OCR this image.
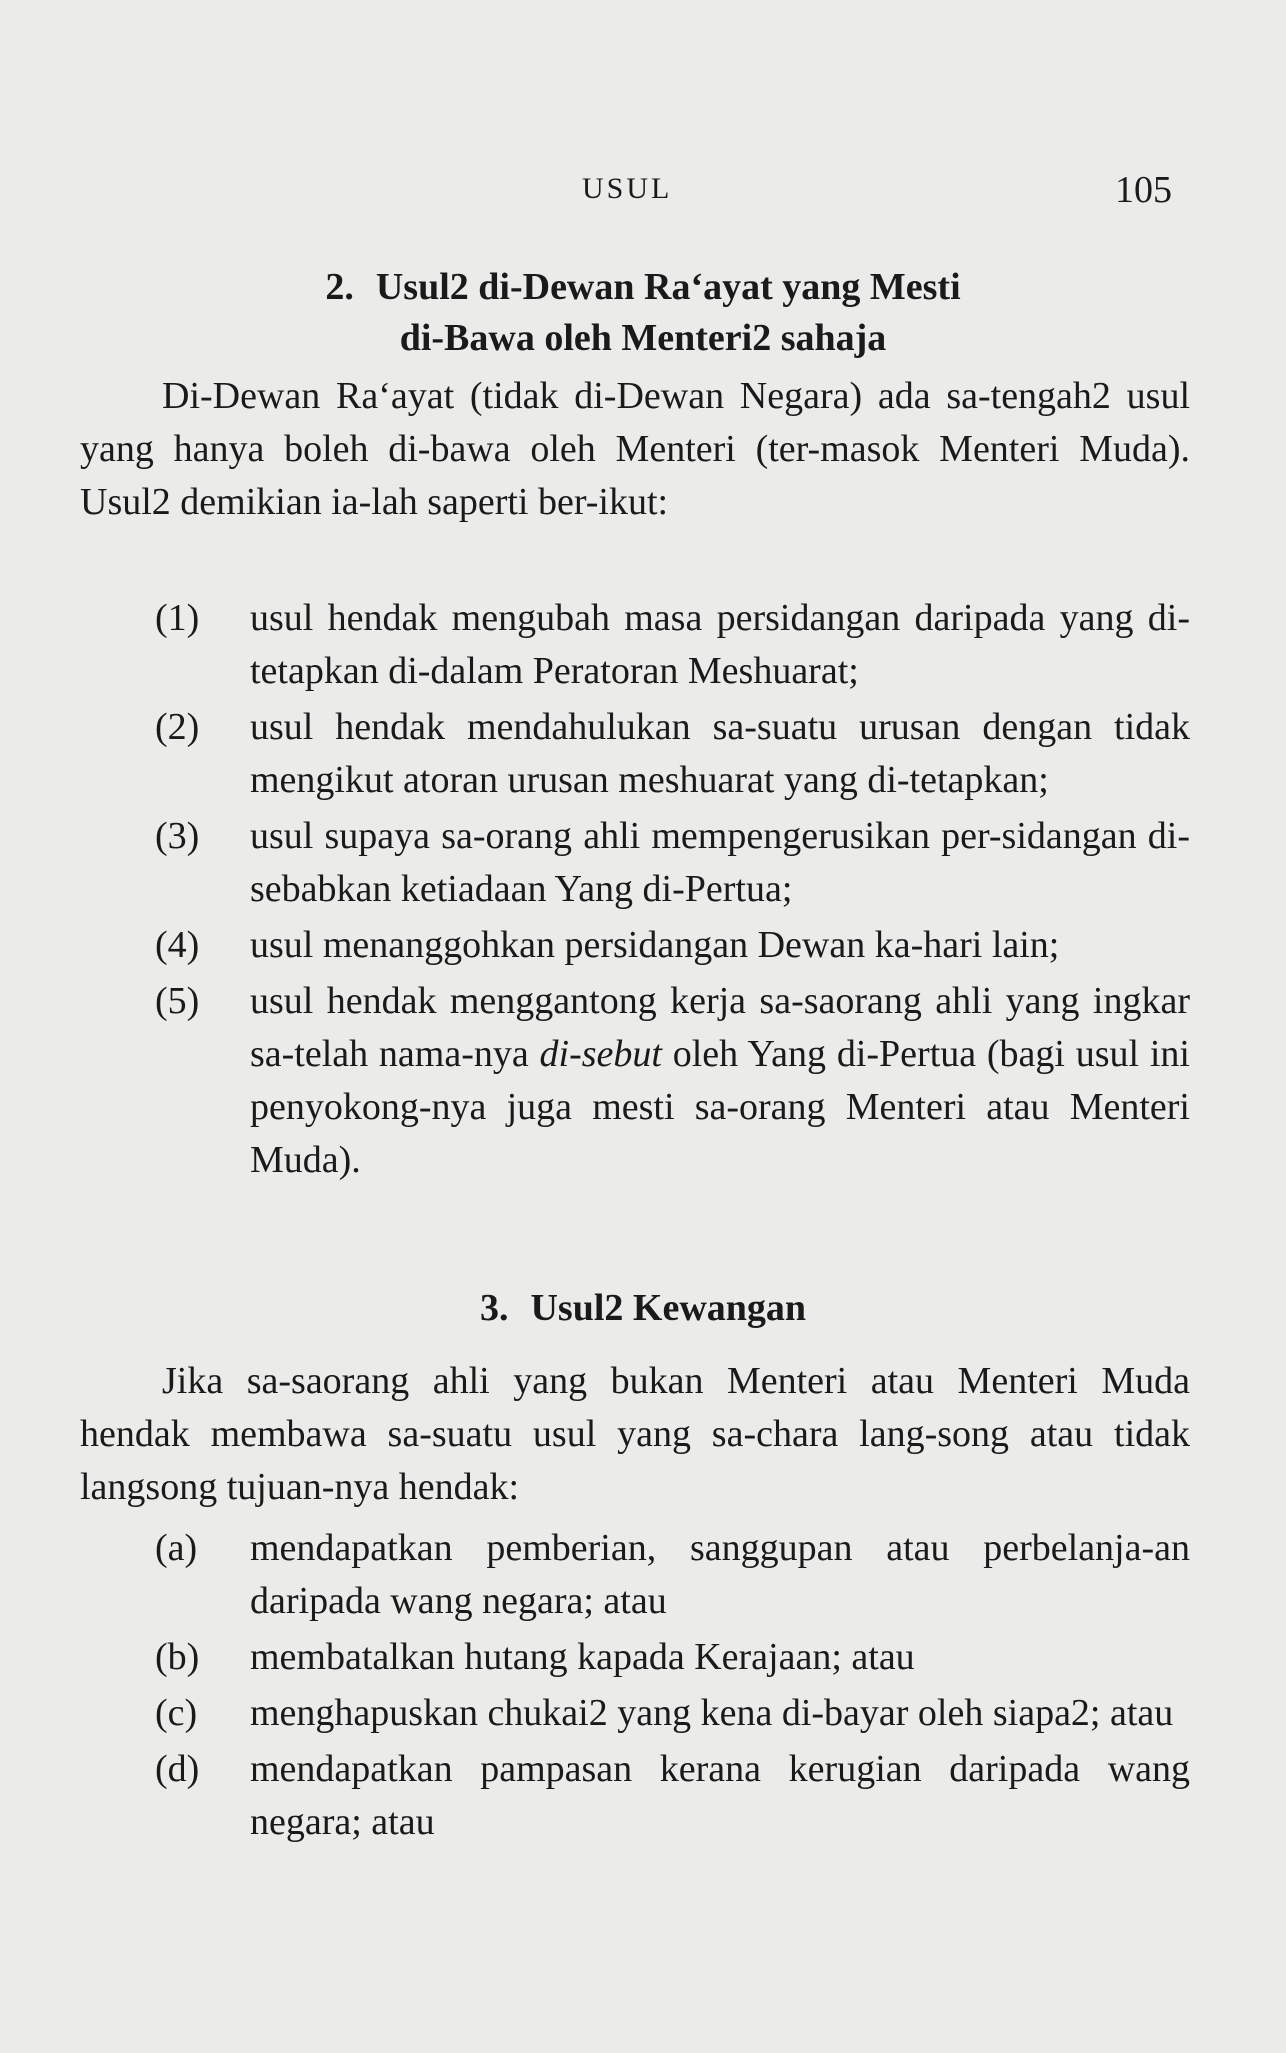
USUL	105
2. Usul2 di-Dewan Ra‘ayat yang Mesti
di-Bawa oleh Menteri2 sahaja

Di-Dewan Ra‘ayat (tidak di-Dewan Negara) ada sa-tengah2 usul yang hanya boleh di-bawa oleh Menteri (ter-masok Menteri Muda). Usul2 demikian ia-lah saperti ber-ikut:

(1) usul hendak mengubah masa persidangan daripada yang di-tetapkan di-dalam Peratoran Meshuarat;
(2) usul hendak mendahulukan sa-suatu urusan dengan tidak mengikut atoran urusan meshuarat yang di-tetapkan;
(3) usul supaya sa-orang ahli mempengerusikan per-sidangan di-sebabkan ketiadaan Yang di-Pertua;
(4) usul menanggohkan persidangan Dewan ka-hari lain;
(5) usul hendak menggantong kerja sa-saorang ahli yang ingkar sa-telah nama-nya di-sebut oleh Yang di-Pertua (bagi usul ini penyokong-nya juga mesti sa-orang Menteri atau Menteri Muda).
3. Usul2 Kewangan

Jika sa-saorang ahli yang bukan Menteri atau Menteri Muda hendak membawa sa-suatu usul yang sa-chara lang-song atau tidak langsong tujuan-nya hendak:

(a) mendapatkan pemberian, sanggupan atau perbelanja-an daripada wang negara; atau
(b) membatalkan hutang kapada Kerajaan; atau
(c) menghapuskan chukai2 yang kena di-bayar oleh siapa2; atau
(d) mendapatkan pampasan kerana kerugian daripada wang negara; atau
